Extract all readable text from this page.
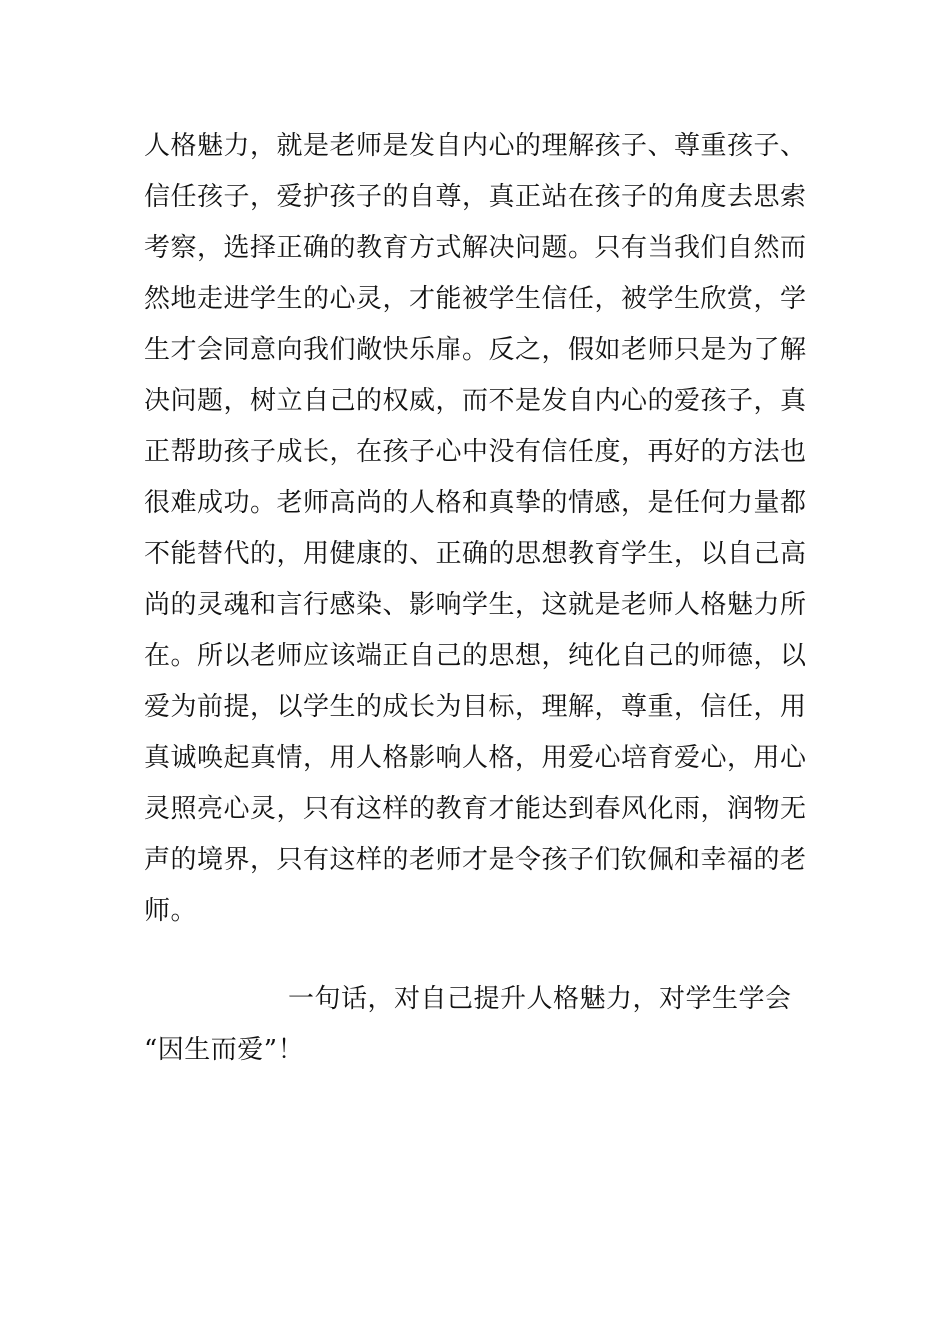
人格魅力，就是老师是发自内心的理解孩子、尊重孩子、
信任孩子，爱护孩子的自尊，真正站在孩子的角度去思索
考察，选择正确的教育方式解决问题。只有当我们自然而
然地走进学生的心灵，才能被学生信任，被学生欣赏，学
生才会同意向我们敞快乐扉。反之，假如老师只是为了解
决问题，树立自己的权威，而不是发自内心的爱孩子，真
正帮助孩子成长，在孩子心中没有信任度，再好的方法也
很难成功。老师高尚的人格和真挚的情感，是任何力量都
不能替代的，用健康的、正确的思想教育学生，以自己高
尚的灵魂和言行感染、影响学生，这就是老师人格魅力所
在。所以老师应该端正自己的思想，纯化自己的师德，以
爱为前提，以学生的成长为目标，理解，尊重，信任，用
真诚唤起真情，用人格影响人格，用爱心培育爱心，用心
灵照亮心灵，只有这样的教育才能达到春风化雨，润物无
声的境界，只有这样的老师才是令孩子们钦佩和幸福的老
师。
一句话，对自己提升人格魅力，对学生学会
“因生而爱”！
